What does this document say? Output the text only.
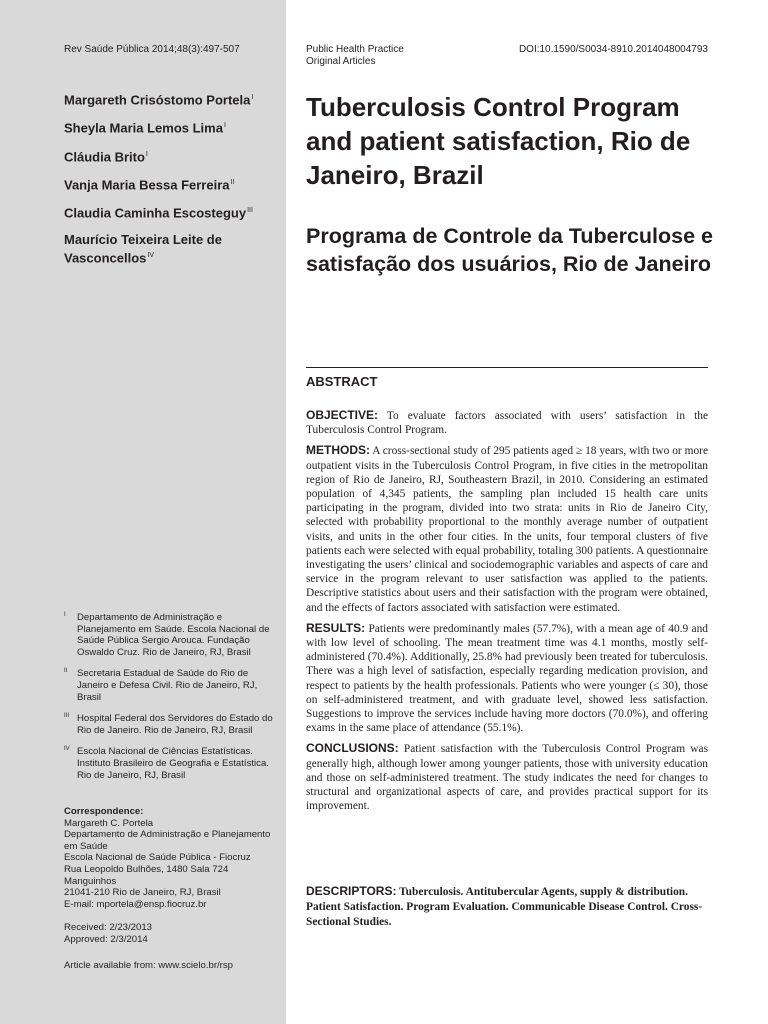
Rev Saúde Pública 2014;48(3):497-507
Margareth Crisóstomo Portela$^I$
Sheyla Maria Lemos Lima$^I$
Cláudia Brito$^I$
Vanja Maria Bessa Ferreira$^{II}$
Claudia Caminha Escosteguy$^{III}$
Maurício Teixeira Leite de Vasconcellos$^{IV}$
I Departamento de Administração e Planejamento em Saúde. Escola Nacional de Saúde Pública Sergio Arouca. Fundação Oswaldo Cruz. Rio de Janeiro, RJ, Brasil
II Secretaria Estadual de Saúde do Rio de Janeiro e Defesa Civil. Rio de Janeiro, RJ, Brasil
III Hospital Federal dos Servidores do Estado do Rio de Janeiro. Rio de Janeiro, RJ, Brasil
IV Escola Nacional de Ciências Estatísticas. Instituto Brasileiro de Geografia e Estatística. Rio de Janeiro, RJ, Brasil
Correspondence:
Margareth C. Portela
Departamento de Administração e Planejamento em Saúde
Escola Nacional de Saúde Pública - Fiocruz
Rua Leopoldo Bulhões, 1480 Sala 724
Manguinhos
21041-210 Rio de Janeiro, RJ, Brasil
E-mail: mportela@ensp.fiocruz.br
Received: 2/23/2013
Approved: 2/3/2014
Article available from: www.scielo.br/rsp
Public Health Practice
Original Articles
DOI:10.1590/S0034-8910.2014048004793
Tuberculosis Control Program and patient satisfaction, Rio de Janeiro, Brazil
Programa de Controle da Tuberculose e satisfação dos usuários, Rio de Janeiro
ABSTRACT

OBJECTIVE: To evaluate factors associated with users’ satisfaction in the Tuberculosis Control Program.

METHODS: A cross-sectional study of 295 patients aged ≥ 18 years, with two or more outpatient visits in the Tuberculosis Control Program, in five cities in the metropolitan region of Rio de Janeiro, RJ, Southeastern Brazil, in 2010. Considering an estimated population of 4,345 patients, the sampling plan included 15 health care units participating in the program, divided into two strata: units in Rio de Janeiro City, selected with probability proportional to the monthly average number of outpatient visits, and units in the other four cities. In the units, four temporal clusters of five patients each were selected with equal probability, totaling 300 patients. A questionnaire investigating the users’ clinical and sociodemographic variables and aspects of care and service in the program relevant to user satisfaction was applied to the patients. Descriptive statistics about users and their satisfaction with the program were obtained, and the effects of factors associated with satisfaction were estimated.

RESULTS: Patients were predominantly males (57.7%), with a mean age of 40.9 and with low level of schooling. The mean treatment time was 4.1 months, mostly self-administered (70.4%). Additionally, 25.8% had previously been treated for tuberculosis. There was a high level of satisfaction, especially regarding medication provision, and respect to patients by the health professionals. Patients who were younger (≤ 30), those on self-administered treatment, and with graduate level, showed less satisfaction. Suggestions to improve the services include having more doctors (70.0%), and offering exams in the same place of attendance (55.1%).

CONCLUSIONS: Patient satisfaction with the Tuberculosis Control Program was generally high, although lower among younger patients, those with university education and those on self-administered treatment. The study indicates the need for changes to structural and organizational aspects of care, and provides practical support for its improvement.

DESCRIPTORS: Tuberculosis. Antitubercular Agents, supply & distribution. Patient Satisfaction. Program Evaluation. Communicable Disease Control. Cross-Sectional Studies.
